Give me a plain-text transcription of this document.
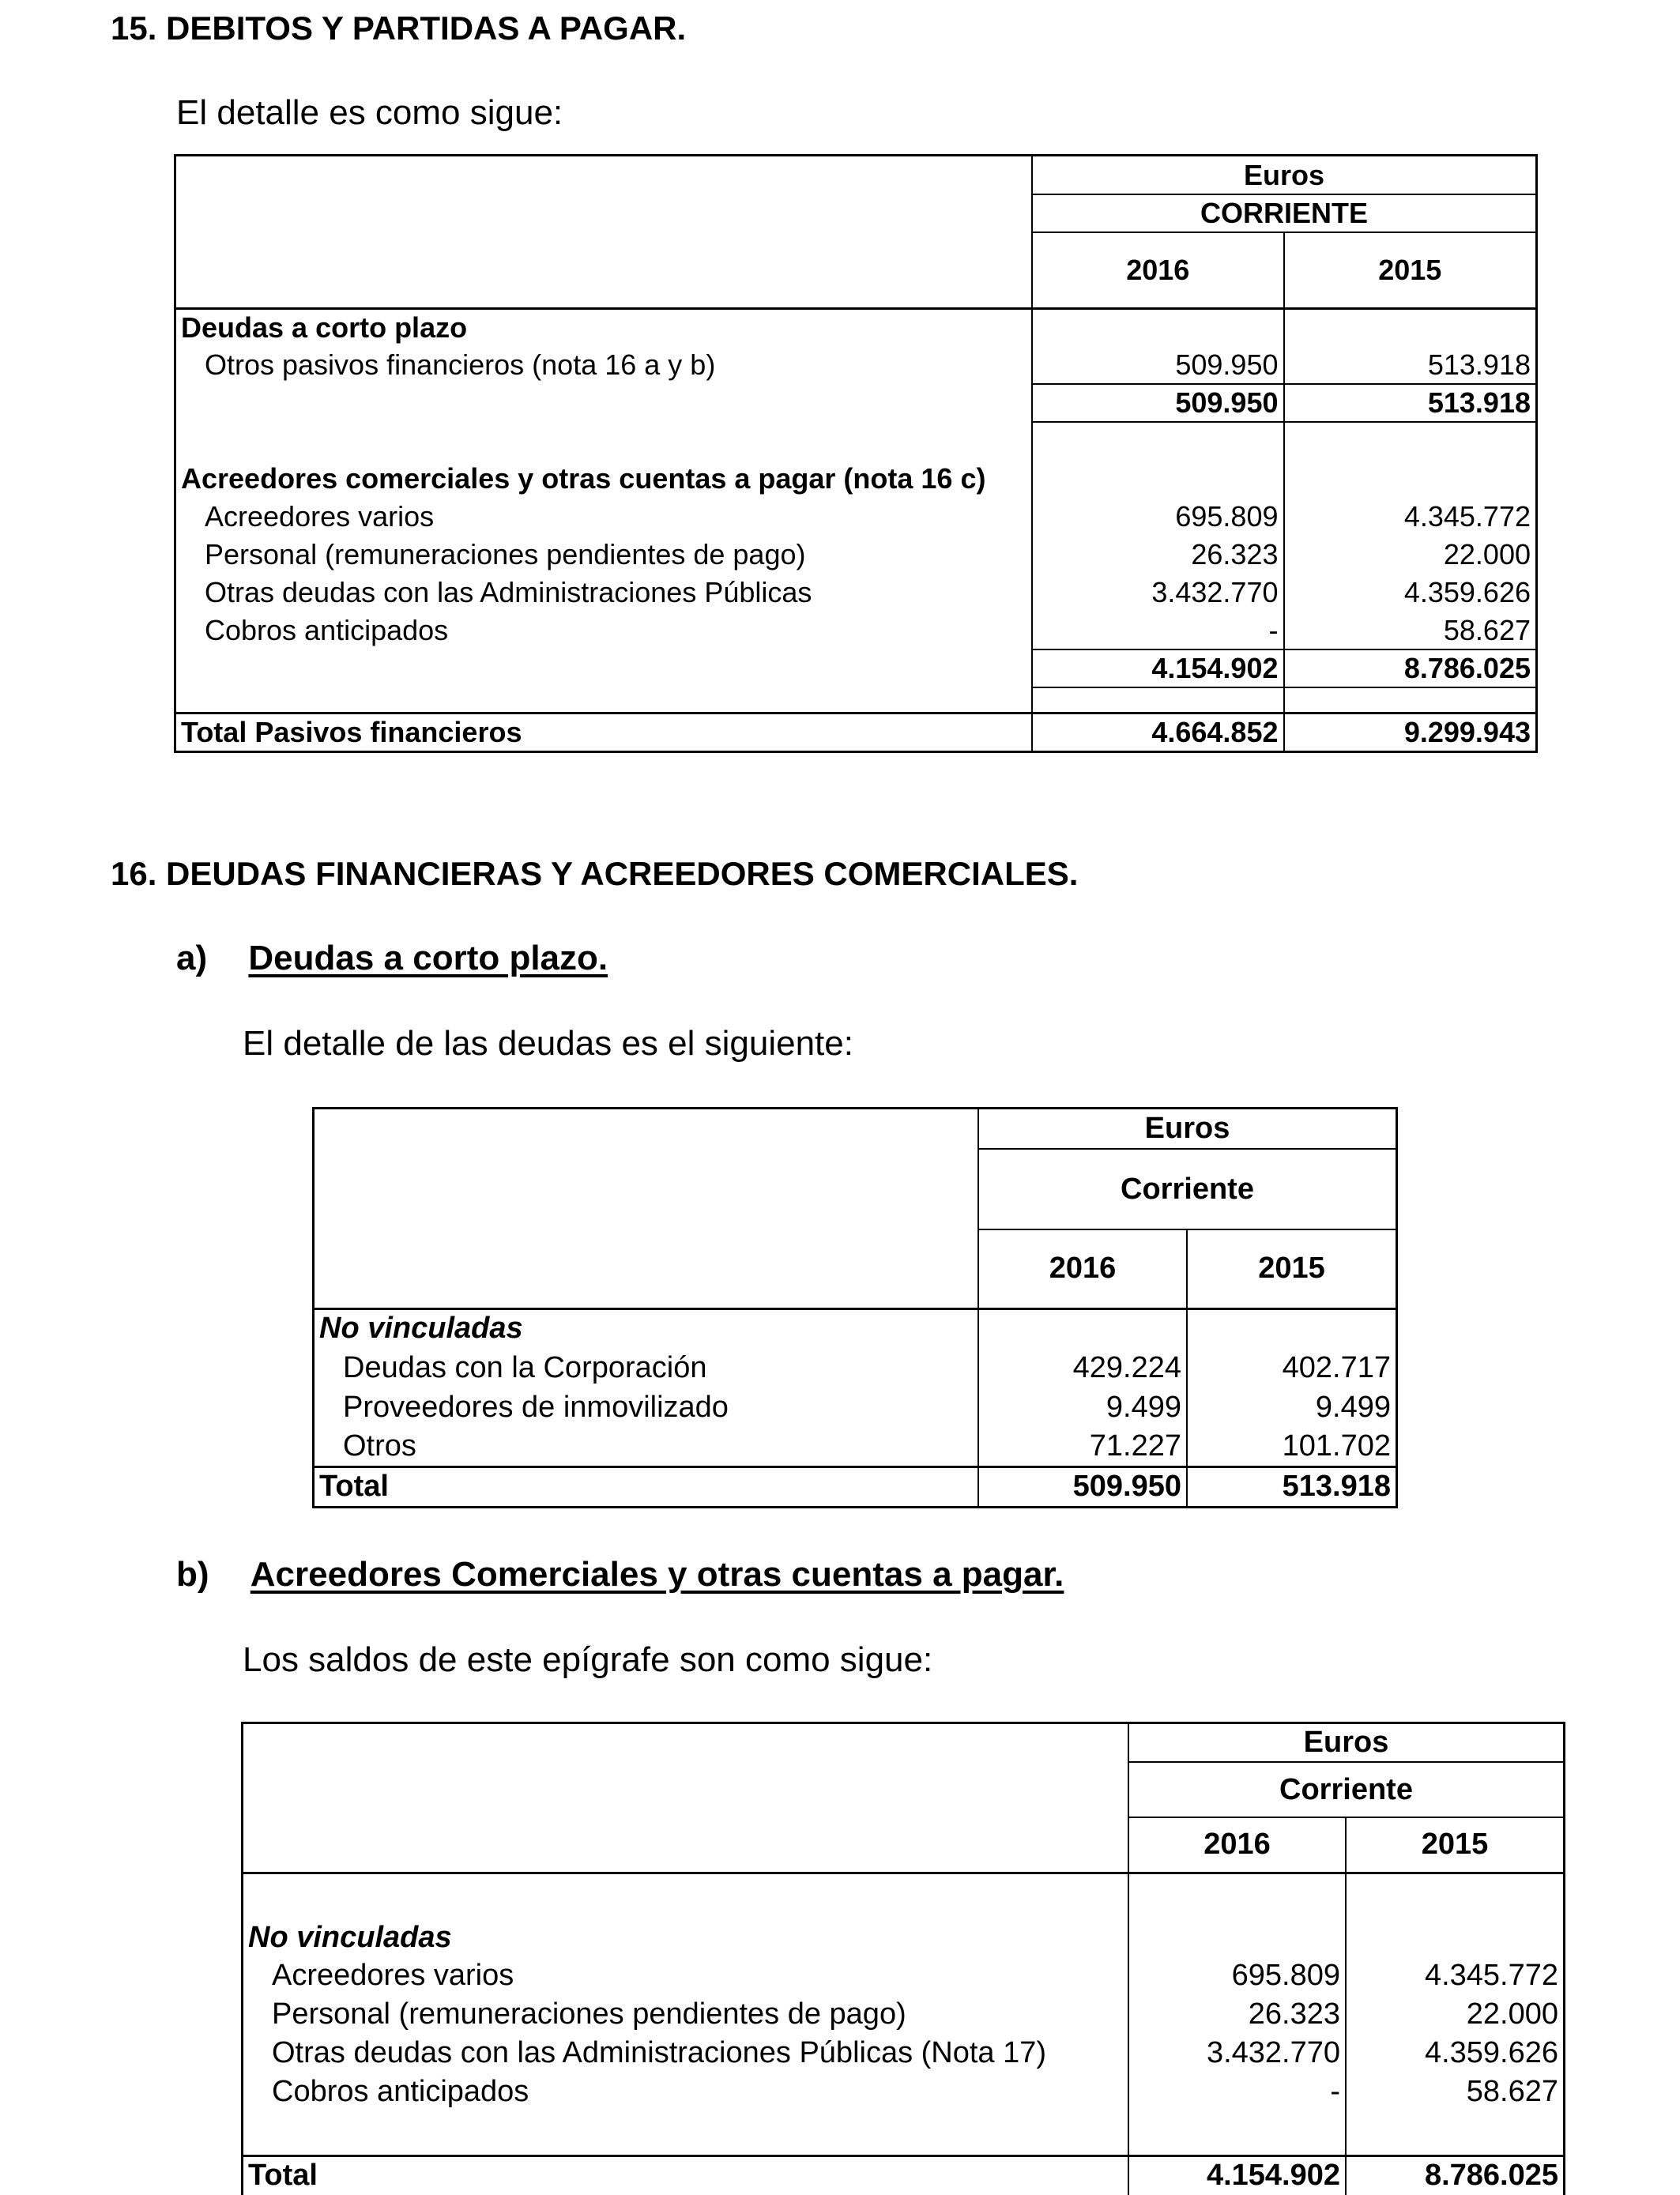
15. DEBITOS Y PARTIDAS A PAGAR.
El detalle es como sigue:
	Euros	
	CORRIENTE	
	2016	2015
Deudas a corto plazo		
Otros pasivos financieros (nota 16 a y b)	509.950	513.918
	509.950	513.918

Acreedores comerciales y otras cuentas a pagar (nota 16 c)		
Acreedores varios	695.809	4.345.772
Personal (remuneraciones pendientes de pago)	26.323	22.000
Otras deudas con las Administraciones Públicas	3.432.770	4.359.626
Cobros anticipados	-	58.627
	4.154.902	8.786.025

Total Pasivos financieros	4.664.852	9.299.943
16. DEUDAS FINANCIERAS Y ACREEDORES COMERCIALES.
a) Deudas a corto plazo.
El detalle de las deudas es el siguiente:
	Euros	
	Corriente	
	2016	2015
No vinculadas		
Deudas con la Corporación	429.224	402.717
Proveedores de inmovilizado	9.499	9.499
Otros	71.227	101.702
Total	509.950	513.918
b) Acreedores Comerciales y otras cuentas a pagar.
Los saldos de este epígrafe son como sigue:
	Euros	
	Corriente	
	2016	2015

No vinculadas		
Acreedores varios	695.809	4.345.772
Personal (remuneraciones pendientes de pago)	26.323	22.000
Otras deudas con las Administraciones Públicas (Nota 17)	3.432.770	4.359.626
Cobros anticipados	-	58.627

Total	4.154.902	8.786.025
